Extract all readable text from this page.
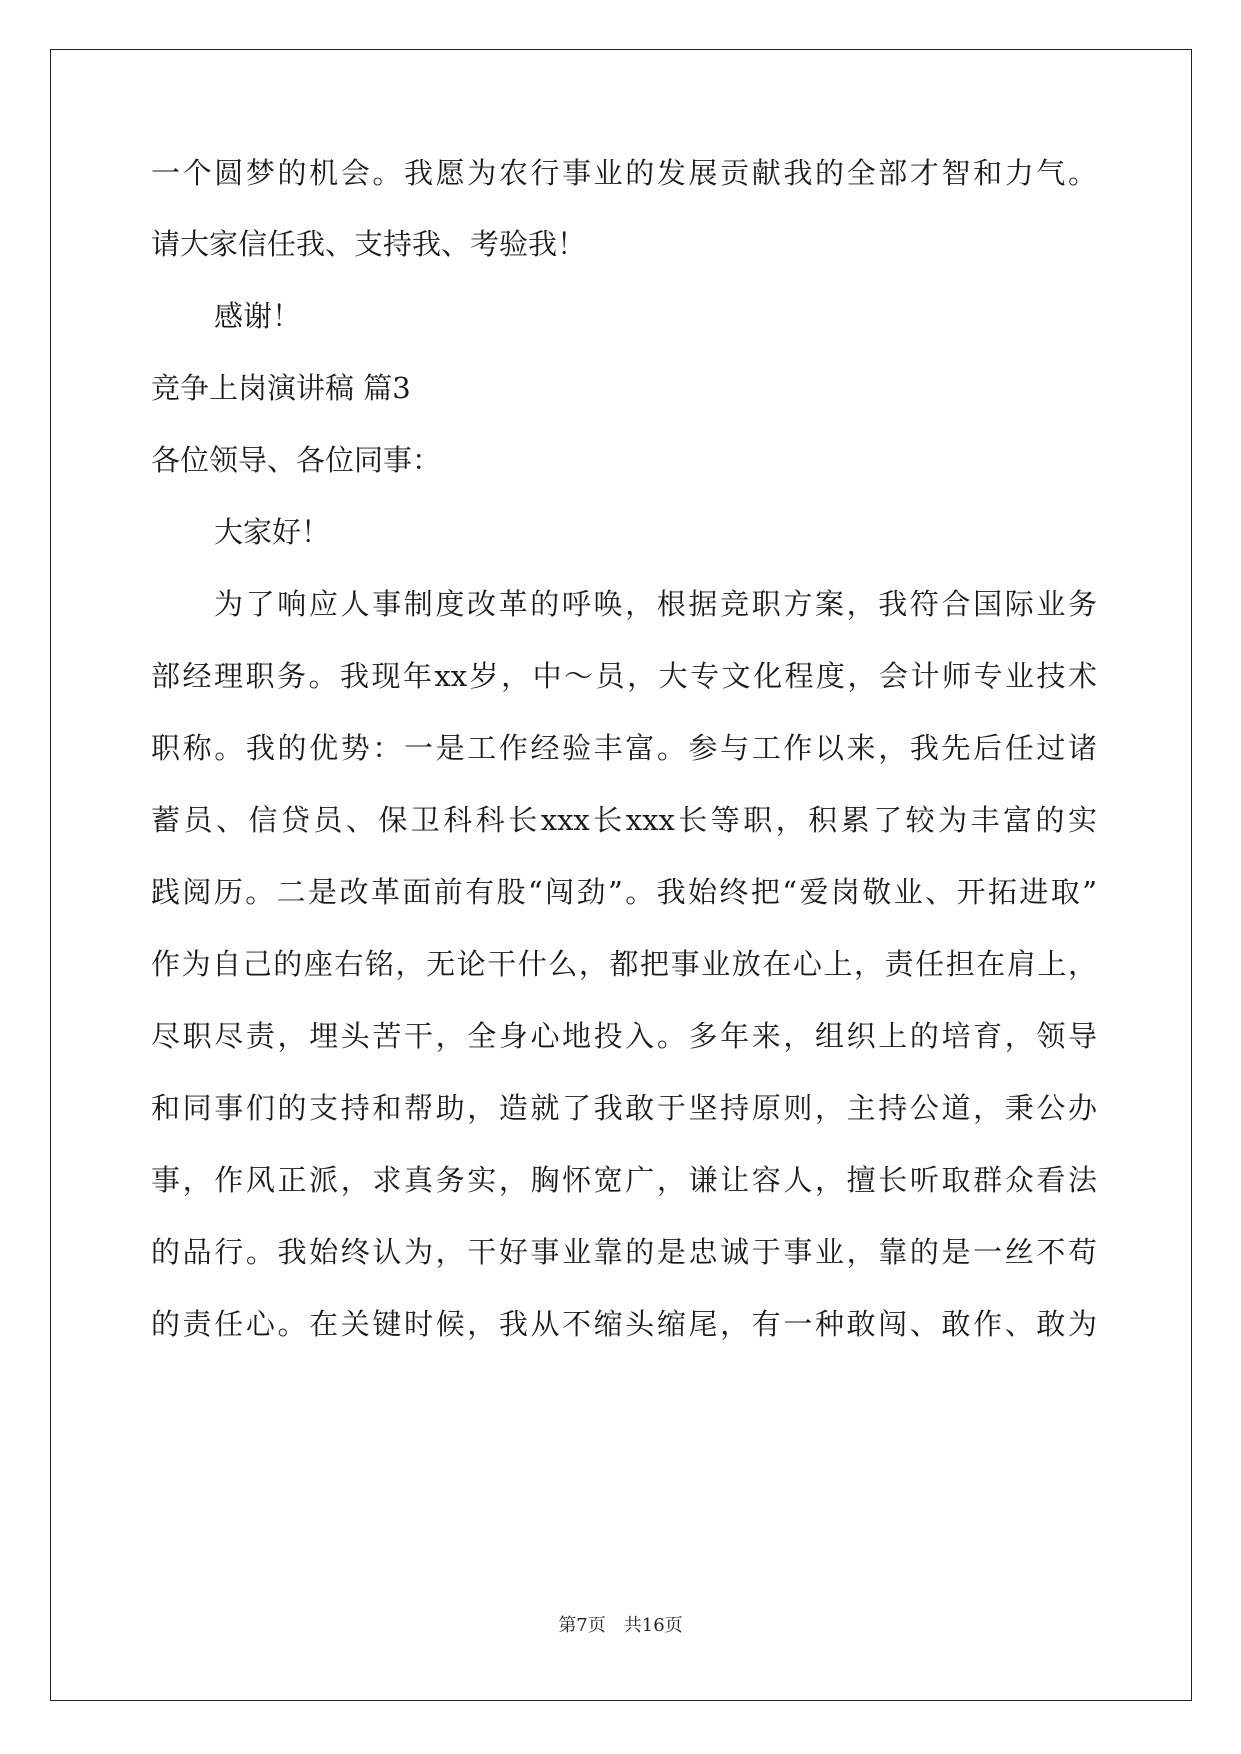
一个圆梦的机会。我愿为农行事业的发展贡献我的全部才智和力气。
请大家信任我、支持我、考验我！
感谢！
竞争上岗演讲稿 篇3
各位领导、各位同事：
大家好！
为了响应人事制度改革的呼唤，根据竞职方案，我符合国际业务
部经理职务。我现年xx岁，中～员，大专文化程度，会计师专业技术
职称。我的优势：一是工作经验丰富。参与工作以来，我先后任过诸
蓄员、信贷员、保卫科科长xxx长xxx长等职，积累了较为丰富的实
践阅历。二是改革面前有股“闯劲”。我始终把“爱岗敬业、开拓进取”
作为自己的座右铭，无论干什么，都把事业放在心上，责任担在肩上，
尽职尽责，埋头苦干，全身心地投入。多年来，组织上的培育，领导
和同事们的支持和帮助，造就了我敢于坚持原则，主持公道，秉公办
事，作风正派，求真务实，胸怀宽广，谦让容人，擅长听取群众看法
的品行。我始终认为，干好事业靠的是忠诚于事业，靠的是一丝不苟
的责任心。在关键时候，我从不缩头缩尾，有一种敢闯、敢作、敢为
第7页　共16页
